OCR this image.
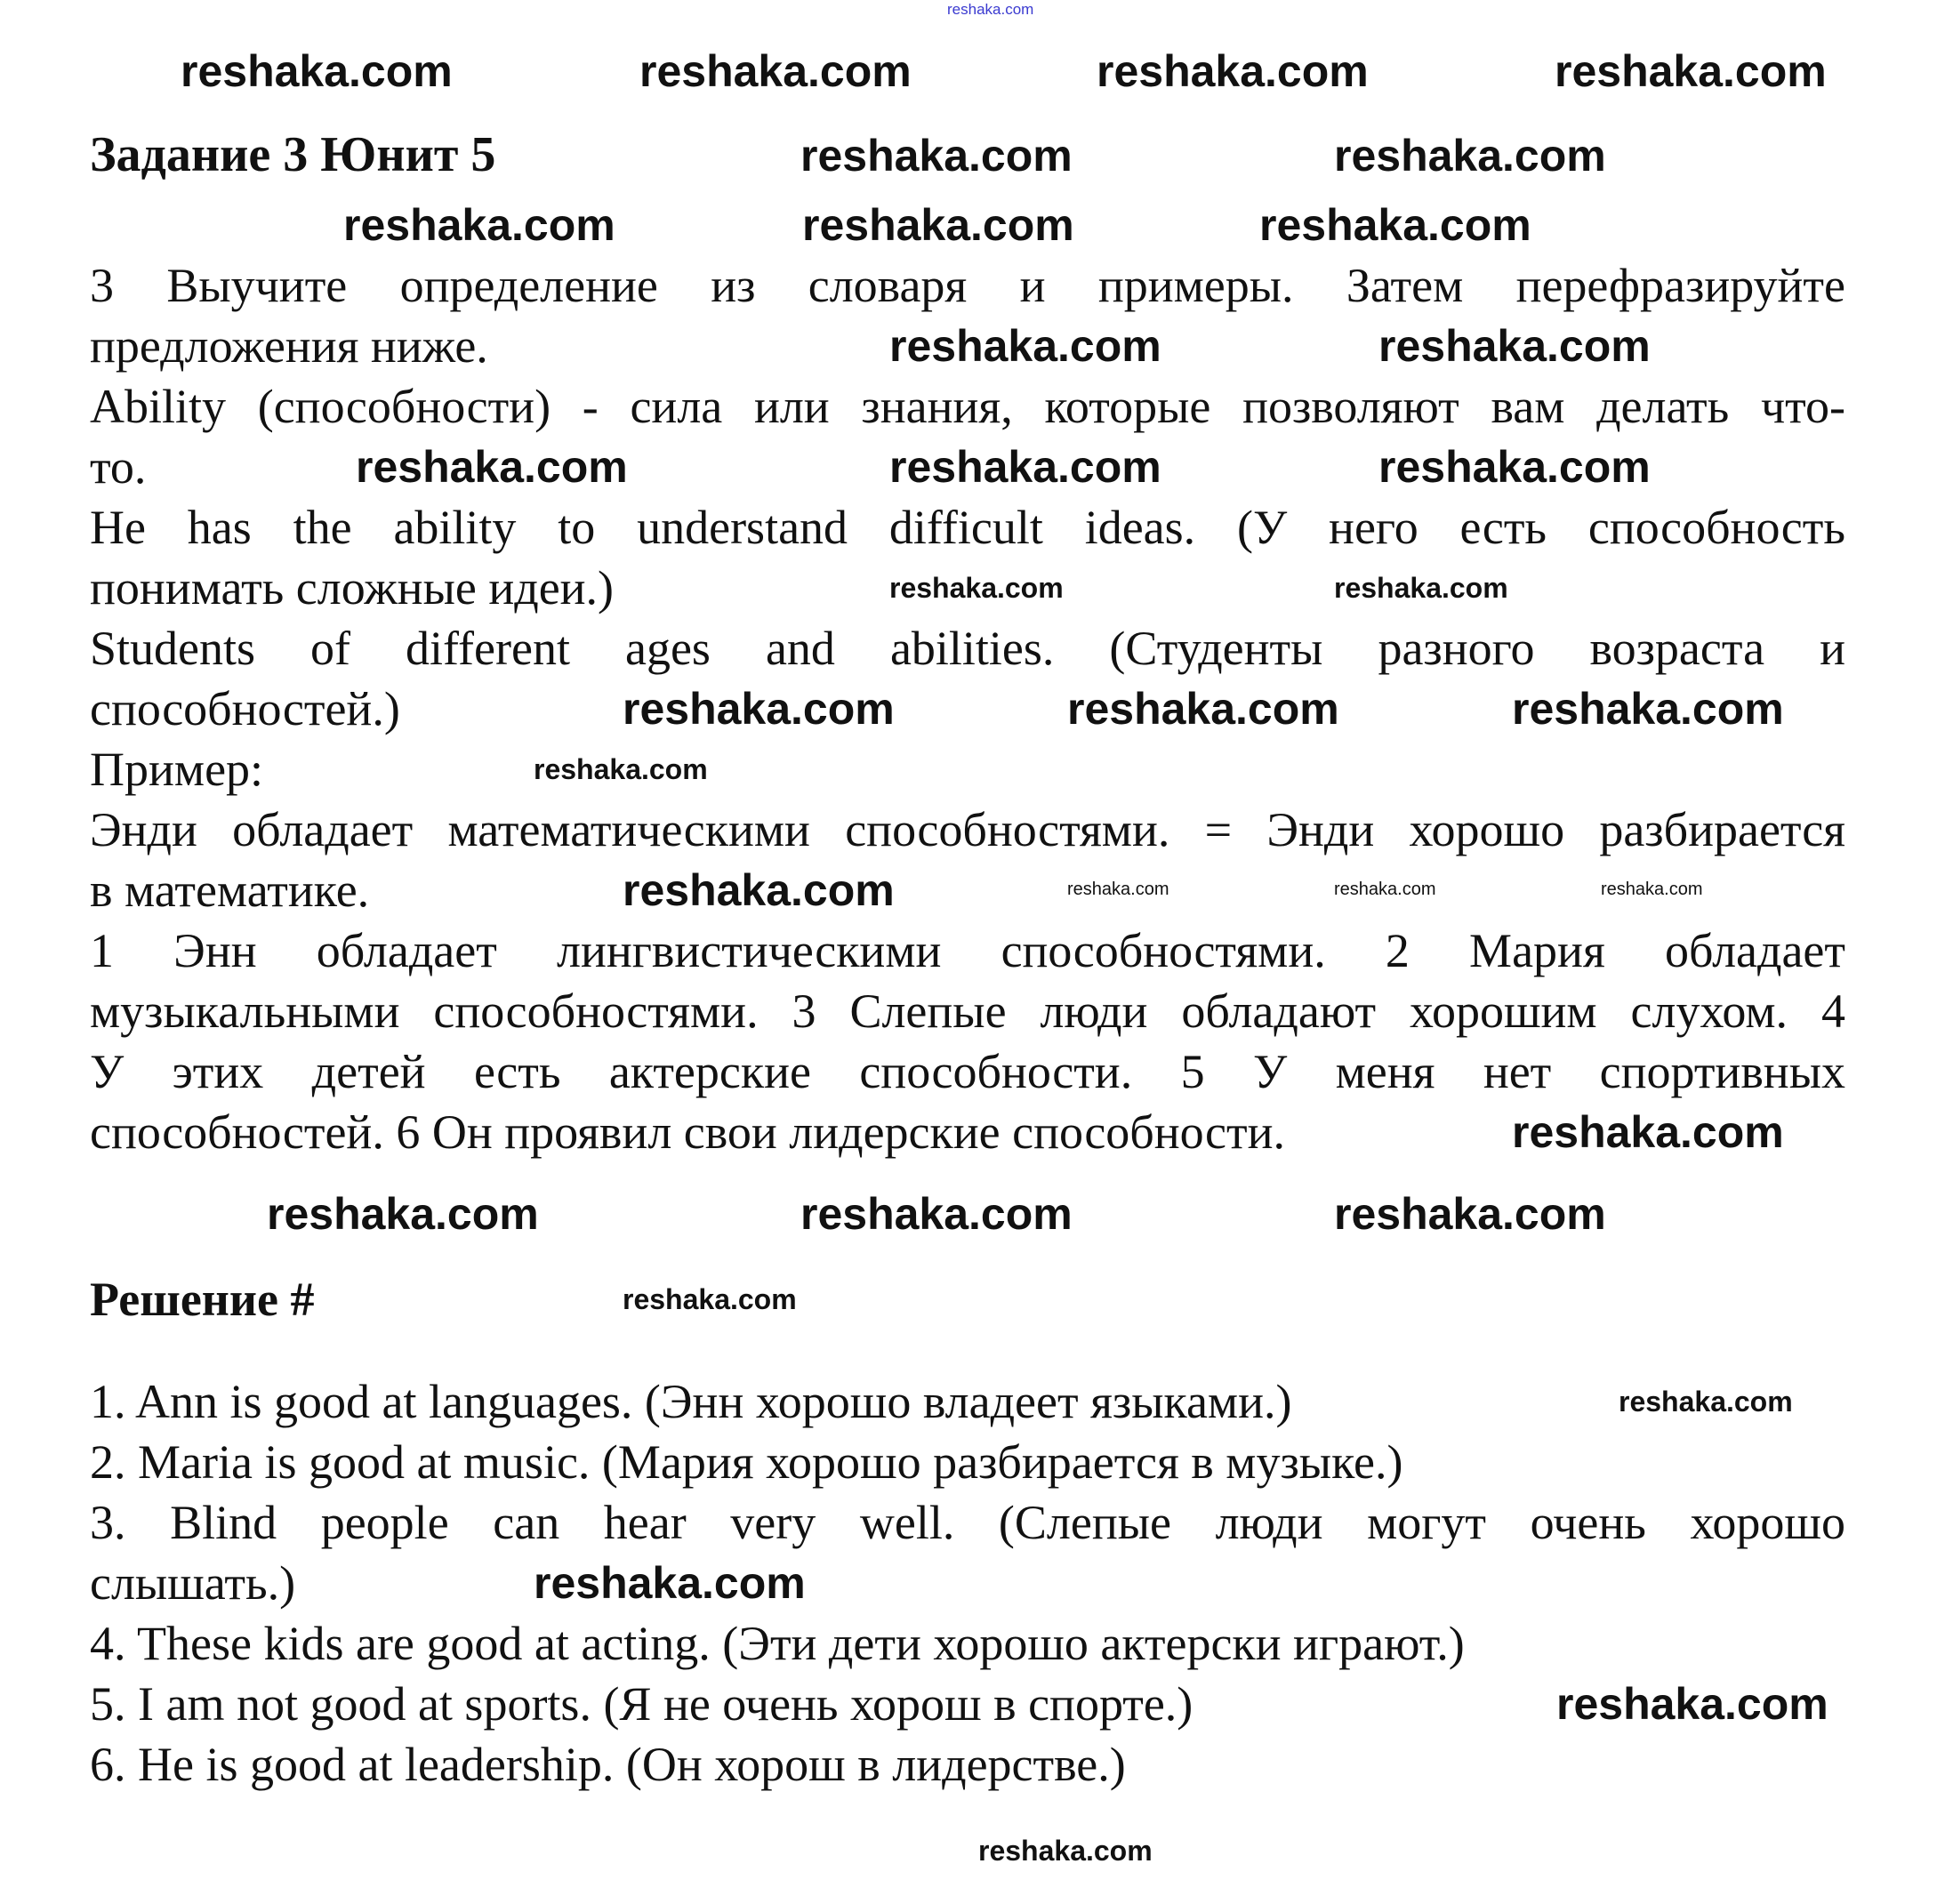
reshaka.com
Задание 3 Юнит 5
3 Выучите определение из словаря и примеры. Затем перефразируйте
предложения ниже.
Ability (способности) - сила или знания, которые позволяют вам делать что-
то.
He has the ability to understand difficult ideas. (У него есть способность
понимать сложные идеи.)
Students of different ages and abilities. (Студенты разного возраста и
способностей.)
Пример:
Энди обладает математическими способностями. = Энди хорошо разбирается
в математике.
1 Энн обладает лингвистическими способностями. 2 Мария обладает
музыкальными способностями. 3 Слепые люди обладают хорошим слухом. 4
У этих детей есть актерские способности. 5 У меня нет спортивных
способностей. 6 Он проявил свои лидерские способности.
Решение #
1. Ann is good at languages. (Энн хорошо владеет языками.)
2. Maria is good at music. (Мария хорошо разбирается в музыке.)
3. Blind people can hear very well. (Слепые люди могут очень хорошо
слышать.)
4. These kids are good at acting. (Эти дети хорошо актерски играют.)
5. I am not good at sports. (Я не очень хорош в спорте.)
6. He is good at leadership. (Он хорош в лидерстве.)
reshaka.com	reshaka.com	reshaka.com	reshaka.com
reshaka.com	reshaka.com
reshaka.com	reshaka.com	reshaka.com
reshaka.com	reshaka.com
reshaka.com	reshaka.com	reshaka.com
reshaka.com	reshaka.com
reshaka.com	reshaka.com	reshaka.com
reshaka.com
reshaka.com	reshaka.com	reshaka.com	reshaka.com
reshaka.com
reshaka.com	reshaka.com	reshaka.com
reshaka.com
reshaka.com
reshaka.com
reshaka.com
reshaka.com
